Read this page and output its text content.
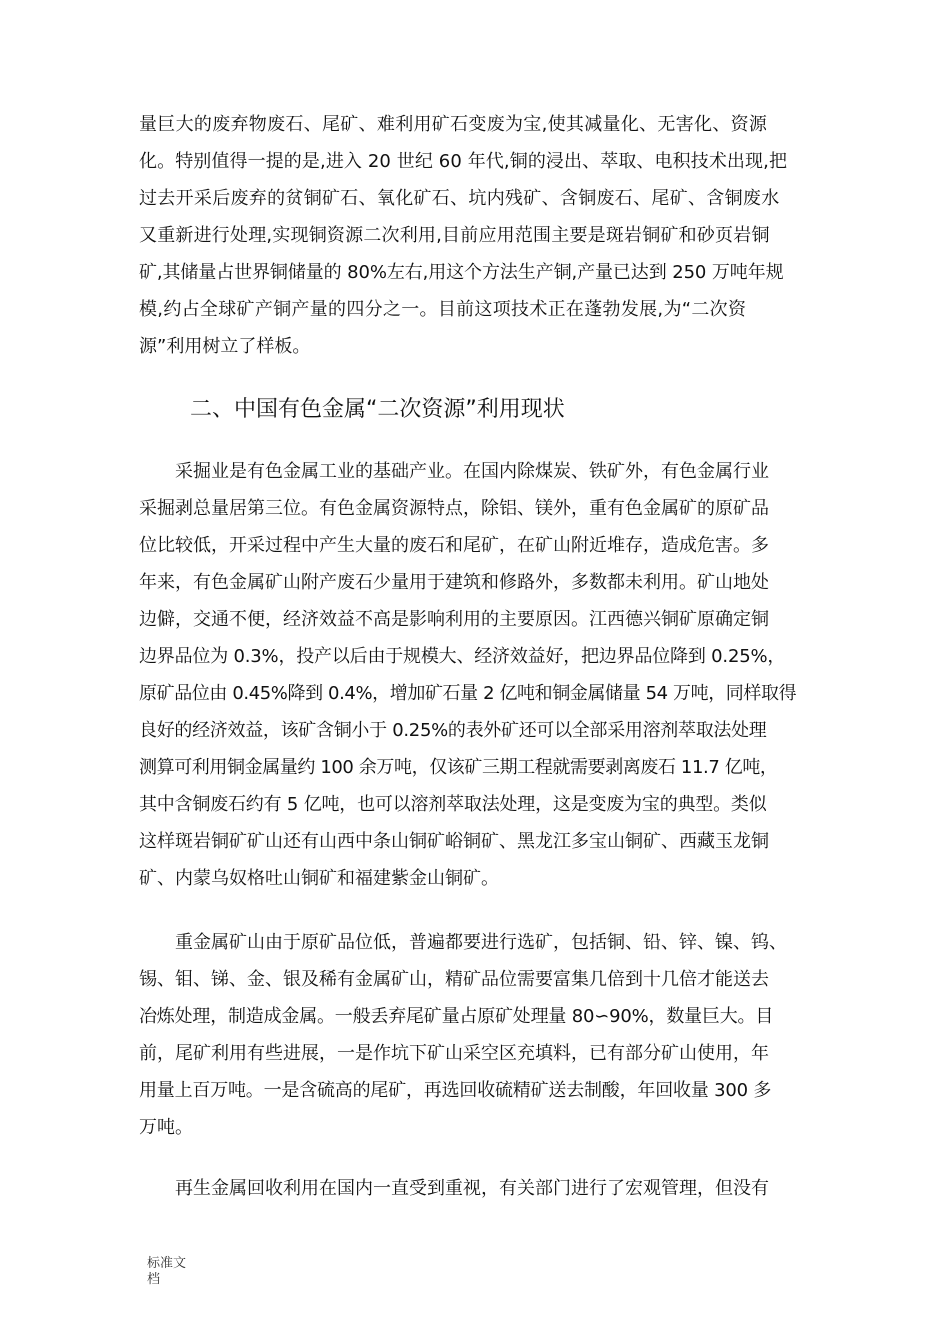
量巨大的废弃物废石、尾矿、难利用矿石变废为宝,使其减量化、无害化、资源
化。特别值得一提的是,进入 20 世纪 60 年代,铜的浸出、萃取、电积技术出现,把
过去开采后废弃的贫铜矿石、氧化矿石、坑内残矿、含铜废石、尾矿、含铜废水
又重新进行处理,实现铜资源二次利用,目前应用范围主要是斑岩铜矿和砂页岩铜
矿,其储量占世界铜储量的 80%左右,用这个方法生产铜,产量已达到 250 万吨年规
模,约占全球矿产铜产量的四分之一。目前这项技术正在蓬勃发展,为“二次资
源”利用树立了样板。
二、中国有色金属“二次资源”利用现状
采掘业是有色金属工业的基础产业。在国内除煤炭、铁矿外，有色金属行业
采掘剥总量居第三位。有色金属资源特点，除铝、镁外，重有色金属矿的原矿品
位比较低，开采过程中产生大量的废石和尾矿，在矿山附近堆存，造成危害。多
年来，有色金属矿山附产废石少量用于建筑和修路外，多数都未利用。矿山地处
边僻，交通不便，经济效益不高是影响利用的主要原因。江西德兴铜矿原确定铜
边界品位为 0.3%，投产以后由于规模大、经济效益好，把边界品位降到 0.25%，
原矿品位由 0.45%降到 0.4%，增加矿石量 2 亿吨和铜金属储量 54 万吨，同样取得
良好的经济效益，该矿含铜小于 0.25%的表外矿还可以全部采用溶剂萃取法处理
测算可利用铜金属量约 100 余万吨，仅该矿三期工程就需要剥离废石 11.7 亿吨，
其中含铜废石约有 5 亿吨，也可以溶剂萃取法处理，这是变废为宝的典型。类似
这样斑岩铜矿矿山还有山西中条山铜矿峪铜矿、黑龙江多宝山铜矿、西藏玉龙铜
矿、内蒙乌奴格吐山铜矿和福建紫金山铜矿。
重金属矿山由于原矿品位低，普遍都要进行选矿，包括铜、铅、锌、镍、钨、
锡、钼、锑、金、银及稀有金属矿山，精矿品位需要富集几倍到十几倍才能送去
冶炼处理，制造成金属。一般丢弃尾矿量占原矿处理量 80∽90%，数量巨大。目
前，尾矿利用有些进展，一是作坑下矿山采空区充填料，已有部分矿山使用，年
用量上百万吨。一是含硫高的尾矿，再选回收硫精矿送去制酸，年回收量 300 多
万吨。
再生金属回收利用在国内一直受到重视，有关部门进行了宏观管理，但没有
标准文
档
